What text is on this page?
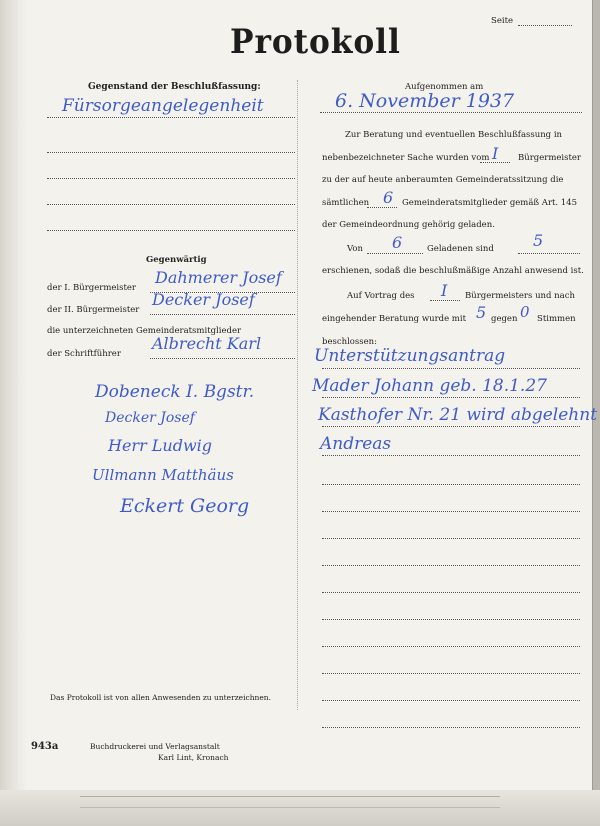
Seite
Protokoll
Gegenstand der Beschlußfassung:
Fürsorgeangelegenheit
Gegenwärtig
der I. Bürgermeister
Dahmerer Josef
der II. Bürgermeister
Decker Josef
die unterzeichneten Gemeinderatsmitglieder
der Schriftführer
Albrecht Karl
Dobeneck I. Bgstr.
Decker Josef
Herr Ludwig
Ullmann Matthäus
Eckert Georg
Das Protokoll ist von allen Anwesenden zu unterzeichnen.
943a	Buchdruckerei und Verlagsanstalt
Karl Lint, Kronach
Aufgenommen am
6. November 1937
Zur Beratung und eventuellen Beschlußfassung in
nebenbezeichneter Sache wurden vom I Bürgermeister
zu der auf heute anberaumten Gemeinderatssitzung die
sämtlichen 6 Gemeinderatsmitglieder gemäß Art. 145
der Gemeindeordnung gehörig geladen.
Von 6	Geladenen sind 5
erschienen, sodaß die beschlußmäßige Anzahl anwesend ist.
Auf Vortrag des I Bürgermeisters und nach
eingehender Beratung wurde mit 5 gegen 0 Stimmen
beschlossen:
Unterstützungsantrag
Mader Johann geb. 18.1.27
Kasthofer Nr. 21 wird abgelehnt
Andreas
